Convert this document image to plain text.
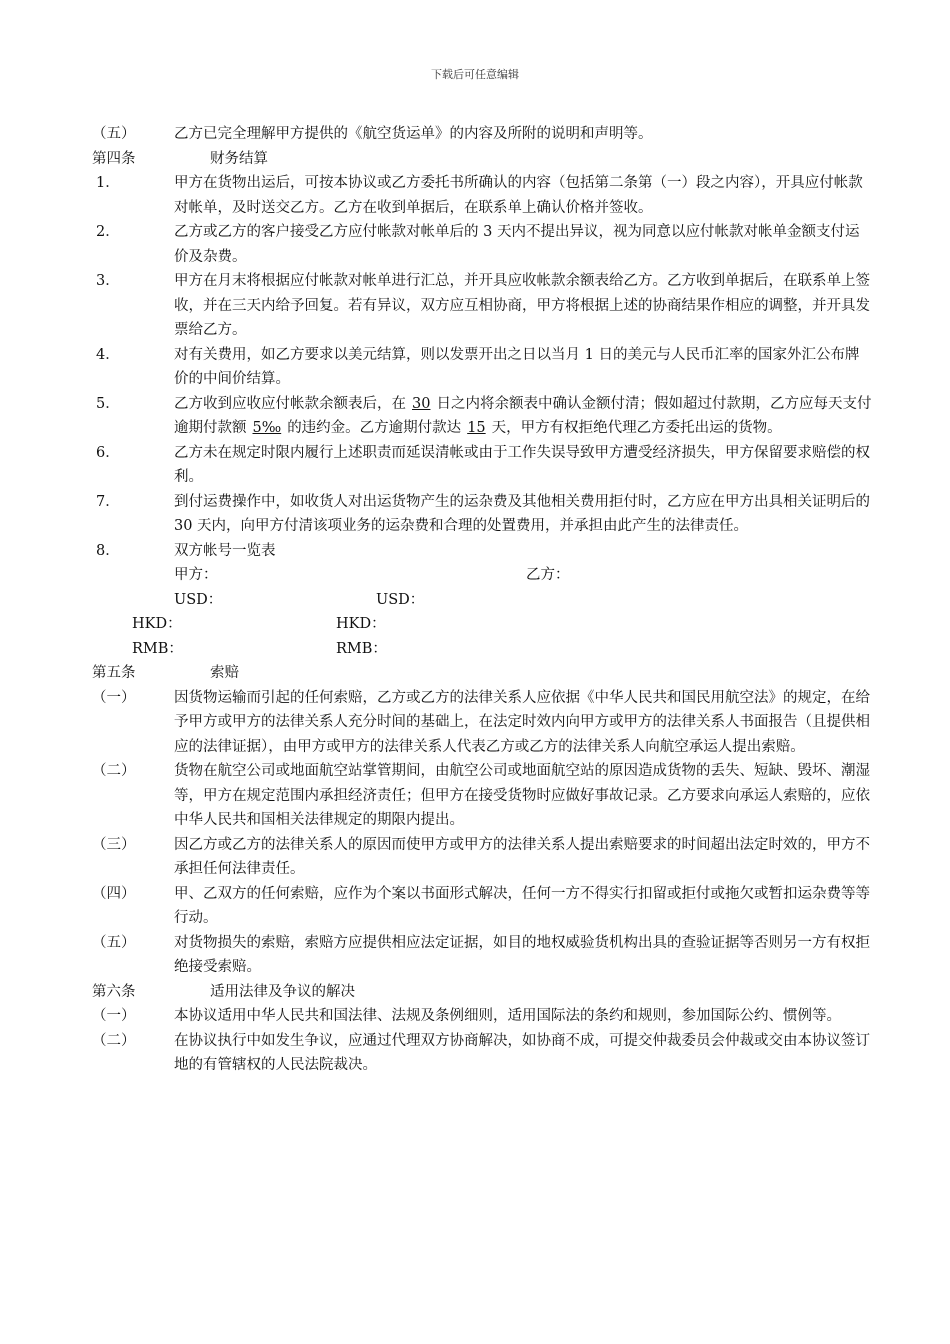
下载后可任意编辑
（五）	乙方已完全理解甲方提供的《航空货运单》的内容及所附的说明和声明等。
第四条	财务结算
1．	甲方在货物出运后，可按本协议或乙方委托书所确认的内容（包括第二条第（一）段之内容），开具应付帐款对帐单，及时送交乙方。乙方在收到单据后，在联系单上确认价格并签收。
2．	乙方或乙方的客户接受乙方应付帐款对帐单后的 3 天内不提出异议，视为同意以应付帐款对帐单金额支付运价及杂费。
3．	甲方在月末将根据应付帐款对帐单进行汇总，并开具应收帐款余额表给乙方。乙方收到单据后，在联系单上签收，并在三天内给予回复。若有异议，双方应互相协商，甲方将根据上述的协商结果作相应的调整，并开具发票给乙方。
4．	对有关费用，如乙方要求以美元结算，则以发票开出之日以当月 1 日的美元与人民币汇率的国家外汇公布牌价的中间价结算。
5．	乙方收到应收应付帐款余额表后，在 30 日之内将余额表中确认金额付清；假如超过付款期，乙方应每天支付逾期付款额 5‰ 的违约金。乙方逾期付款达 15 天，甲方有权拒绝代理乙方委托出运的货物。
6．	乙方未在规定时限内履行上述职责而延误清帐或由于工作失误导致甲方遭受经济损失，甲方保留要求赔偿的权利。
7．	到付运费操作中，如收货人对出运货物产生的运杂费及其他相关费用拒付时，乙方应在甲方出具相关证明后的 30 天内，向甲方付清该项业务的运杂费和合理的处置费用，并承担由此产生的法律责任。
8．	双方帐号一览表
甲方：	乙方：
USD：	USD：
HKD：	HKD：
RMB：	RMB：
第五条	索赔
（一）	因货物运输而引起的任何索赔，乙方或乙方的法律关系人应依据《中华人民共和国民用航空法》的规定，在给予甲方或甲方的法律关系人充分时间的基础上，在法定时效内向甲方或甲方的法律关系人书面报告（且提供相应的法律证据），由甲方或甲方的法律关系人代表乙方或乙方的法律关系人向航空承运人提出索赔。
（二）	货物在航空公司或地面航空站掌管期间，由航空公司或地面航空站的原因造成货物的丢失、短缺、毁坏、潮湿等，甲方在规定范围内承担经济责任；但甲方在接受货物时应做好事故记录。乙方要求向承运人索赔的，应依中华人民共和国相关法律规定的期限内提出。
（三）	因乙方或乙方的法律关系人的原因而使甲方或甲方的法律关系人提出索赔要求的时间超出法定时效的，甲方不承担任何法律责任。
（四）	甲、乙双方的任何索赔，应作为个案以书面形式解决，任何一方不得实行扣留或拒付或拖欠或暂扣运杂费等等行动。
（五）	对货物损失的索赔，索赔方应提供相应法定证据，如目的地权威验货机构出具的查验证据等否则另一方有权拒绝接受索赔。
第六条	适用法律及争议的解决
（一）	本协议适用中华人民共和国法律、法规及条例细则，适用国际法的条约和规则，参加国际公约、惯例等。
（二）	在协议执行中如发生争议，应通过代理双方协商解决，如协商不成，可提交仲裁委员会仲裁或交由本协议签订地的有管辖权的人民法院裁决。
